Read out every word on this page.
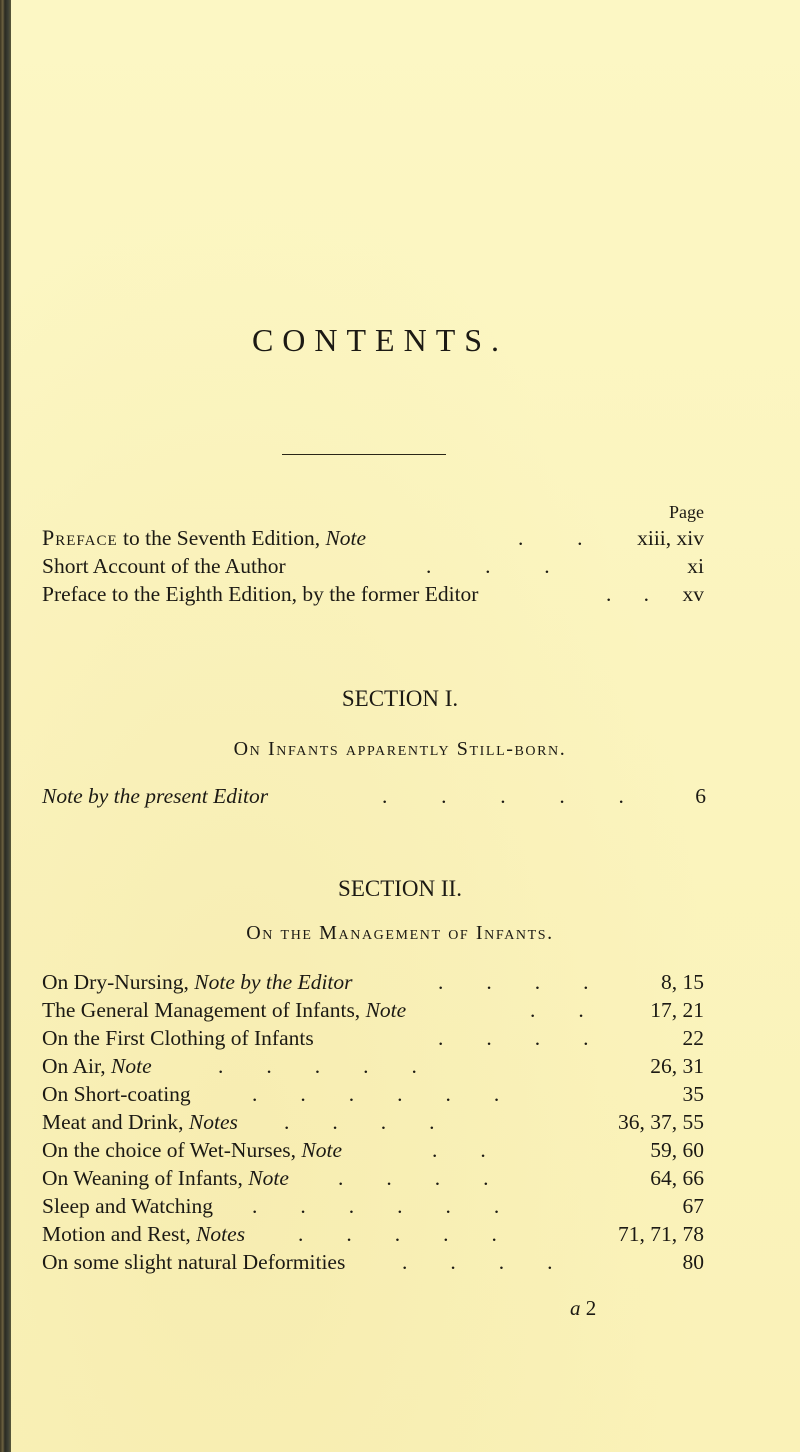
CONTENTS.
Page
Preface to the Seventh Edition, Note	.          .	xiii, xiv
Short Account of the Author	.          .          .	xi
Preface to the Eighth Edition, by the former Editor	.      . xv
SECTION I.
On Infants apparently Still-born.
Note by the present Editor	.          .          .          .          .	6
SECTION II.
On the Management of Infants.
On Dry-Nursing, Note by the Editor	.        .        .        .	8, 15
The General Management of Infants, Note	.        .	17, 21
On the First Clothing of Infants	.        .        .        .	22
On Air, Note	.        .        .        .        .	26, 31
On Short-coating	.        .        .        .        .        .	35
Meat and Drink, Notes .        .        .        .	36, 37, 55
On the choice of Wet-Nurses, Note	.        .	59, 60
On Weaning of Infants, Note .        .        .        .	64, 66
Sleep and Watching .        .        .        .        .        .	67
Motion and Rest, Notes .        .        .        .        .	71, 71, 78
On some slight natural Deformities	.        .        .        .	80
a 2
